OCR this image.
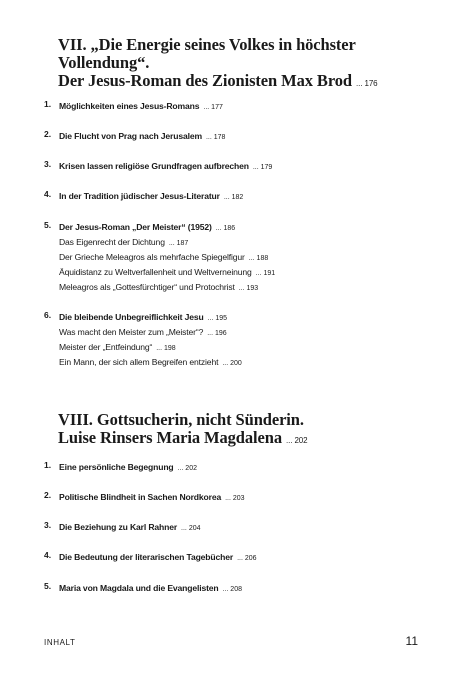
VII. „Die Energie seines Volkes in höchster
Vollendung“.
Der Jesus-Roman des Zionisten Max Brod ... 176
1. Möglichkeiten eines Jesus-Romans ... 177
2. Die Flucht von Prag nach Jerusalem ... 178
3. Krisen lassen religiöse Grundfragen aufbrechen ... 179
4. In der Tradition jüdischer Jesus-Literatur ... 182
5. Der Jesus-Roman „Der Meister“ (1952) ... 186
Das Eigenrecht der Dichtung ... 187
Der Grieche Meleagros als mehrfache Spiegelfigur ... 188
Äquidistanz zu Weltverfallenheit und Weltverneinung ... 191
Meleagros als „Gottesfürchtiger“ und Protochrist ... 193
6. Die bleibende Unbegreiflichkeit Jesu ... 195
Was macht den Meister zum „Meister“? ... 196
Meister der „Entfeindung“ ... 198
Ein Mann, der sich allem Begreifen entzieht ... 200
VIII. Gottsucherin, nicht Sünderin.
Luise Rinsers Maria Magdalena ... 202
1. Eine persönliche Begegnung ... 202
2. Politische Blindheit in Sachen Nordkorea ... 203
3. Die Beziehung zu Karl Rahner ... 204
4. Die Bedeutung der literarischen Tagebücher ... 206
5. Maria von Magdala und die Evangelisten ... 208
INHALT	11
